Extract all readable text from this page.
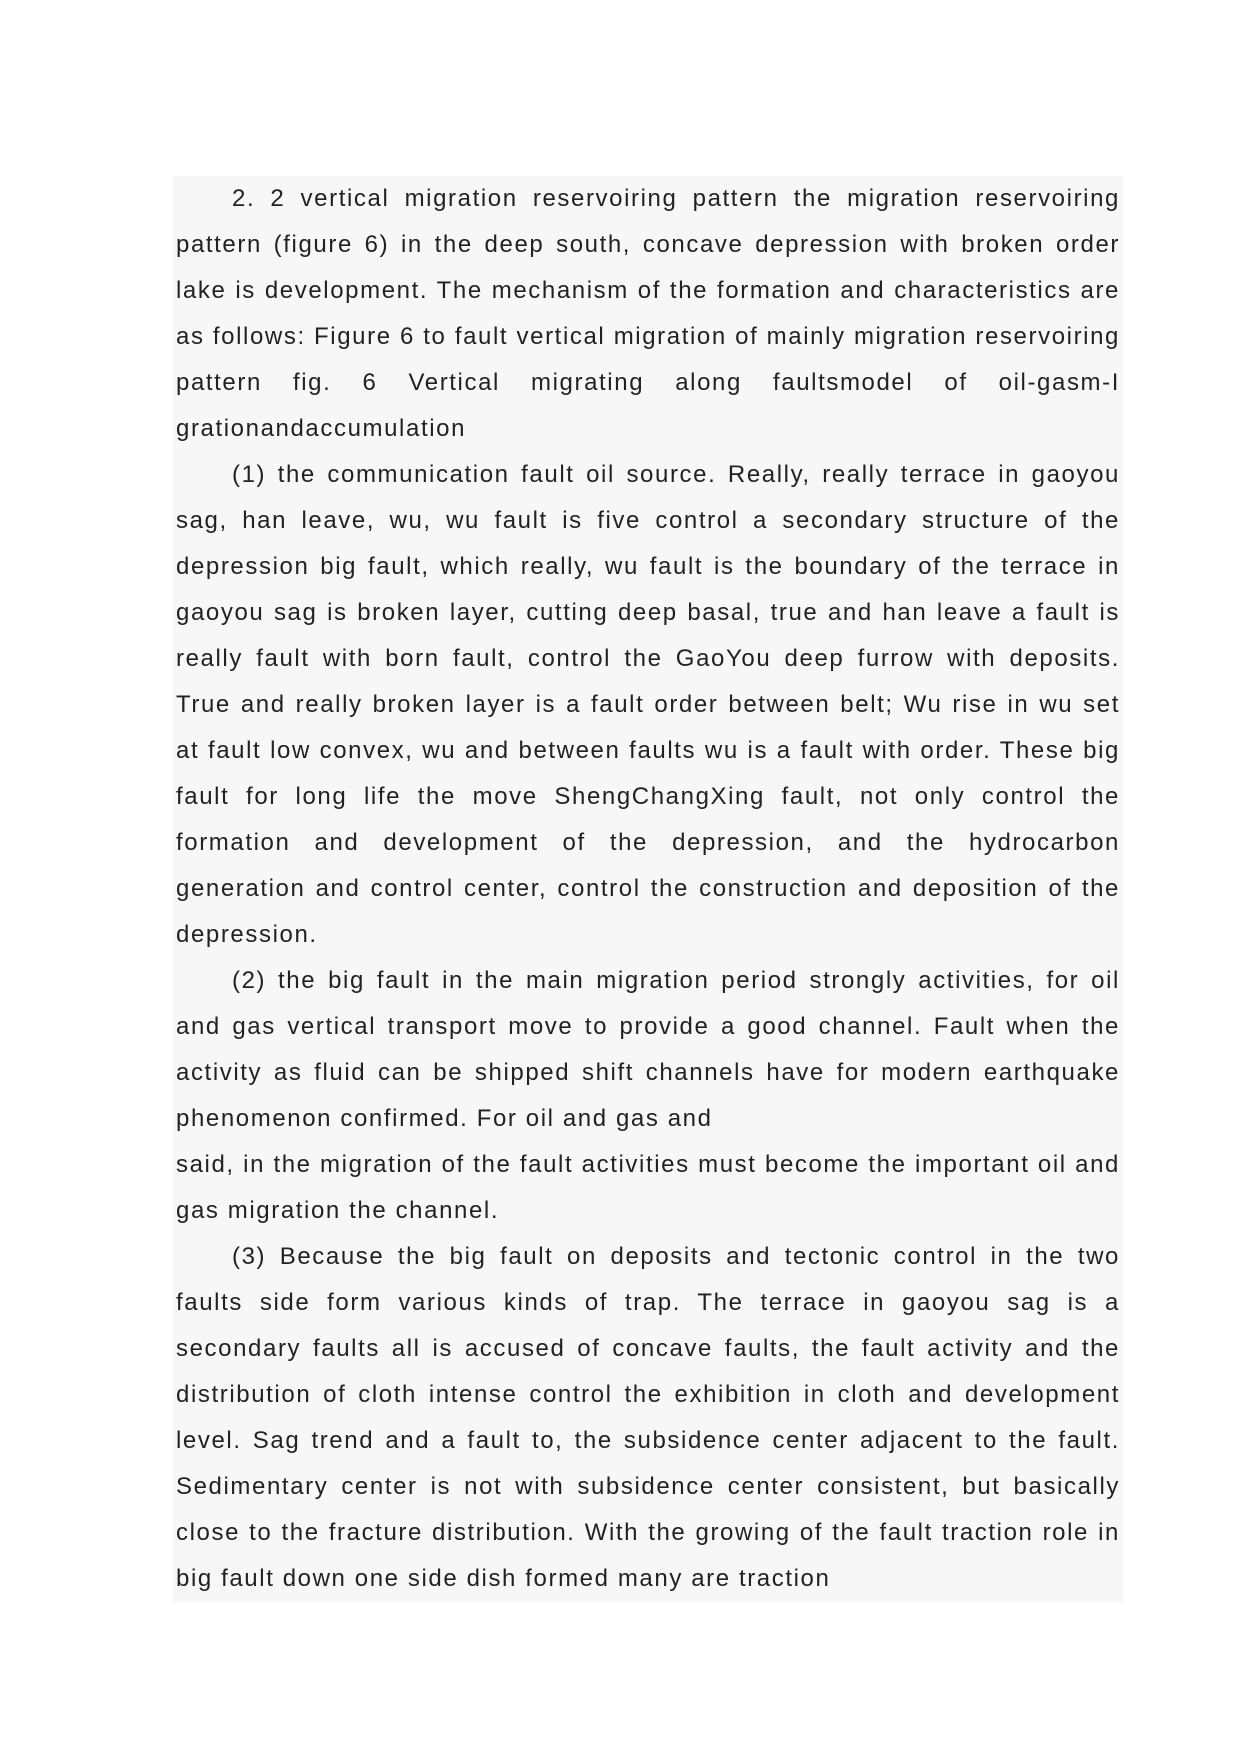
2. 2 vertical migration reservoiring pattern the migration reservoiring pattern (figure 6) in the deep south, concave depression with broken order lake is development. The mechanism of the formation and characteristics are as follows: Figure 6 to fault vertical migration of mainly migration reservoiring pattern fig. 6 Vertical migrating along faultsmodel of oil-gasm-I grationandaccumulation

(1) the communication fault oil source. Really, really terrace in gaoyou sag, han leave, wu, wu fault is five control a secondary structure of the depression big fault, which really, wu fault is the boundary of the terrace in gaoyou sag is broken layer, cutting deep basal, true and han leave a fault is really fault with born fault, control the GaoYou deep furrow with deposits. True and really broken layer is a fault order between belt; Wu rise in wu set at fault low convex, wu and between faults wu is a fault with order. These big fault for long life the move ShengChangXing fault, not only control the formation and development of the depression, and the hydrocarbon generation and control center, control the construction and deposition of the depression.

(2) the big fault in the main migration period strongly activities, for oil and gas vertical transport move to provide a good channel. Fault when the activity as fluid can be shipped shift channels have for modern earthquake phenomenon confirmed. For oil and gas and

said, in the migration of the fault activities must become the important oil and gas migration the channel.

(3) Because the big fault on deposits and tectonic control in the two faults side form various kinds of trap. The terrace in gaoyou sag is a secondary faults all is accused of concave faults, the fault activity and the distribution of cloth intense control the exhibition in cloth and development level. Sag trend and a fault to, the subsidence center adjacent to the fault. Sedimentary center is not with subsidence center consistent, but basically close to the fracture distribution. With the growing of the fault traction role in big fault down one side dish formed many are traction
